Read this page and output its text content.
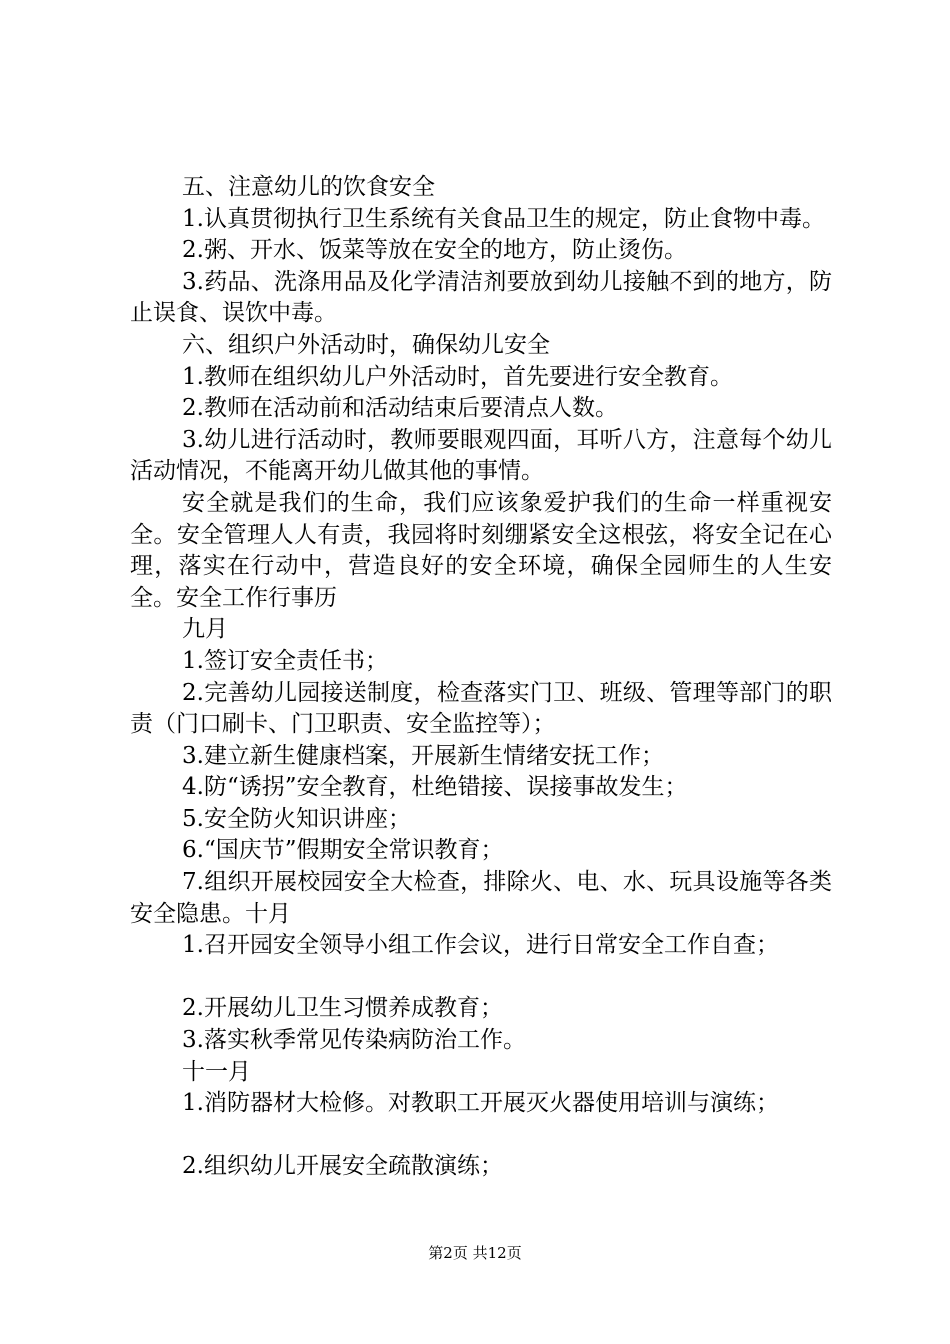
五、注意幼儿的饮食安全

1.认真贯彻执行卫生系统有关食品卫生的规定，防止食物中毒。

2.粥、开水、饭菜等放在安全的地方，防止烫伤。

3.药品、洗涤用品及化学清洁剂要放到幼儿接触不到的地方，防止误食、误饮中毒。

六、组织户外活动时，确保幼儿安全

1.教师在组织幼儿户外活动时，首先要进行安全教育。

2.教师在活动前和活动结束后要清点人数。

3.幼儿进行活动时，教师要眼观四面，耳听八方，注意每个幼儿活动情况，不能离开幼儿做其他的事情。

安全就是我们的生命，我们应该象爱护我们的生命一样重视安全。安全管理人人有责，我园将时刻绷紧安全这根弦，将安全记在心理，落实在行动中，营造良好的安全环境，确保全园师生的人生安全。安全工作行事历

九月

1.签订安全责任书；

2.完善幼儿园接送制度，检查落实门卫、班级、管理等部门的职责（门口刷卡、门卫职责、安全监控等）；

3.建立新生健康档案，开展新生情绪安抚工作；

4.防“诱拐”安全教育，杜绝错接、误接事故发生；

5.安全防火知识讲座；

6.“国庆节”假期安全常识教育；

7.组织开展校园安全大检查，排除火、电、水、玩具设施等各类安全隐患。十月

1.召开园安全领导小组工作会议，进行日常安全工作自查；

2.开展幼儿卫生习惯养成教育；

3.落实秋季常见传染病防治工作。

十一月

1.消防器材大检修。对教职工开展灭火器使用培训与演练；

2.组织幼儿开展安全疏散演练；

第2页 共12页
